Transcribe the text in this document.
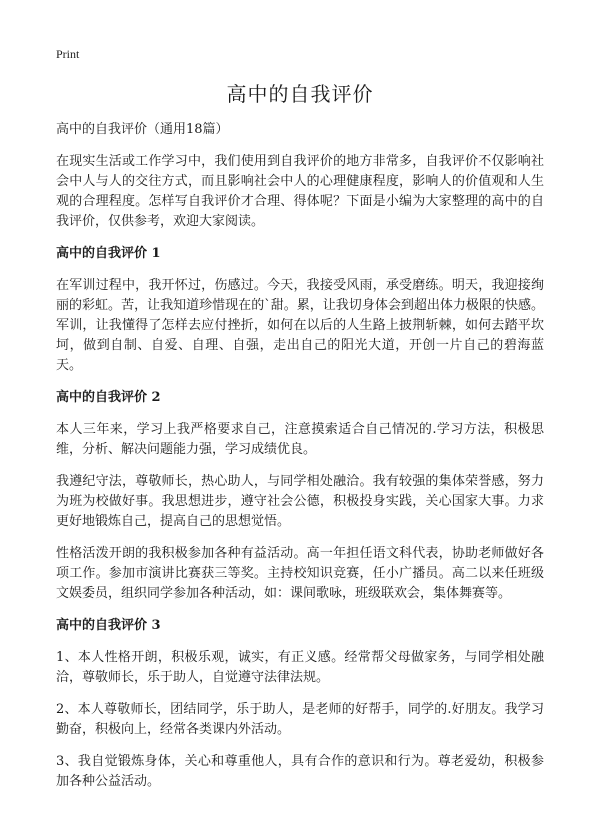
Print
高中的自我评价
高中的自我评价（通用18篇）

在现实生活或工作学习中，我们使用到自我评价的地方非常多，自我评价不仅影响社会中人与人的交往方式，而且影响社会中人的心理健康程度，影响人的价值观和人生观的合理程度。怎样写自我评价才合理、得体呢？下面是小编为大家整理的高中的自我评价，仅供参考，欢迎大家阅读。

高中的自我评价 1

在军训过程中，我开怀过，伤感过。今天，我接受风雨，承受磨练。明天，我迎接绚丽的彩虹。苦，让我知道珍惜现在的`甜。累，让我切身体会到超出体力极限的快感。军训，让我懂得了怎样去应付挫折，如何在以后的人生路上披荆斩棘，如何去踏平坎坷，做到自制、自爱、自理、自强，走出自己的阳光大道，开创一片自己的碧海蓝天。

高中的自我评价 2

本人三年来，学习上我严格要求自己，注意摸索适合自己情况的.学习方法，积极思维，分析、解决问题能力强，学习成绩优良。

我遵纪守法，尊敬师长，热心助人，与同学相处融洽。我有较强的集体荣誉感，努力为班为校做好事。我思想进步，遵守社会公德，积极投身实践，关心国家大事。力求更好地锻炼自己，提高自己的思想觉悟。

性格活泼开朗的我积极参加各种有益活动。高一年担任语文科代表，协助老师做好各项工作。参加市演讲比赛获三等奖。主持校知识竞赛，任小广播员。高二以来任班级文娱委员，组织同学参加各种活动，如：课间歌咏，班级联欢会，集体舞赛等。

高中的自我评价 3

1、本人性格开朗，积极乐观，诚实，有正义感。经常帮父母做家务，与同学相处融洽，尊敬师长，乐于助人，自觉遵守法律法规。

2、本人尊敬师长，团结同学，乐于助人，是老师的好帮手，同学的.好朋友。我学习勤奋，积极向上，经常各类课内外活动。

3、我自觉锻炼身体，关心和尊重他人，具有合作的意识和行为。尊老爱幼，积极参加各种公益活动。
